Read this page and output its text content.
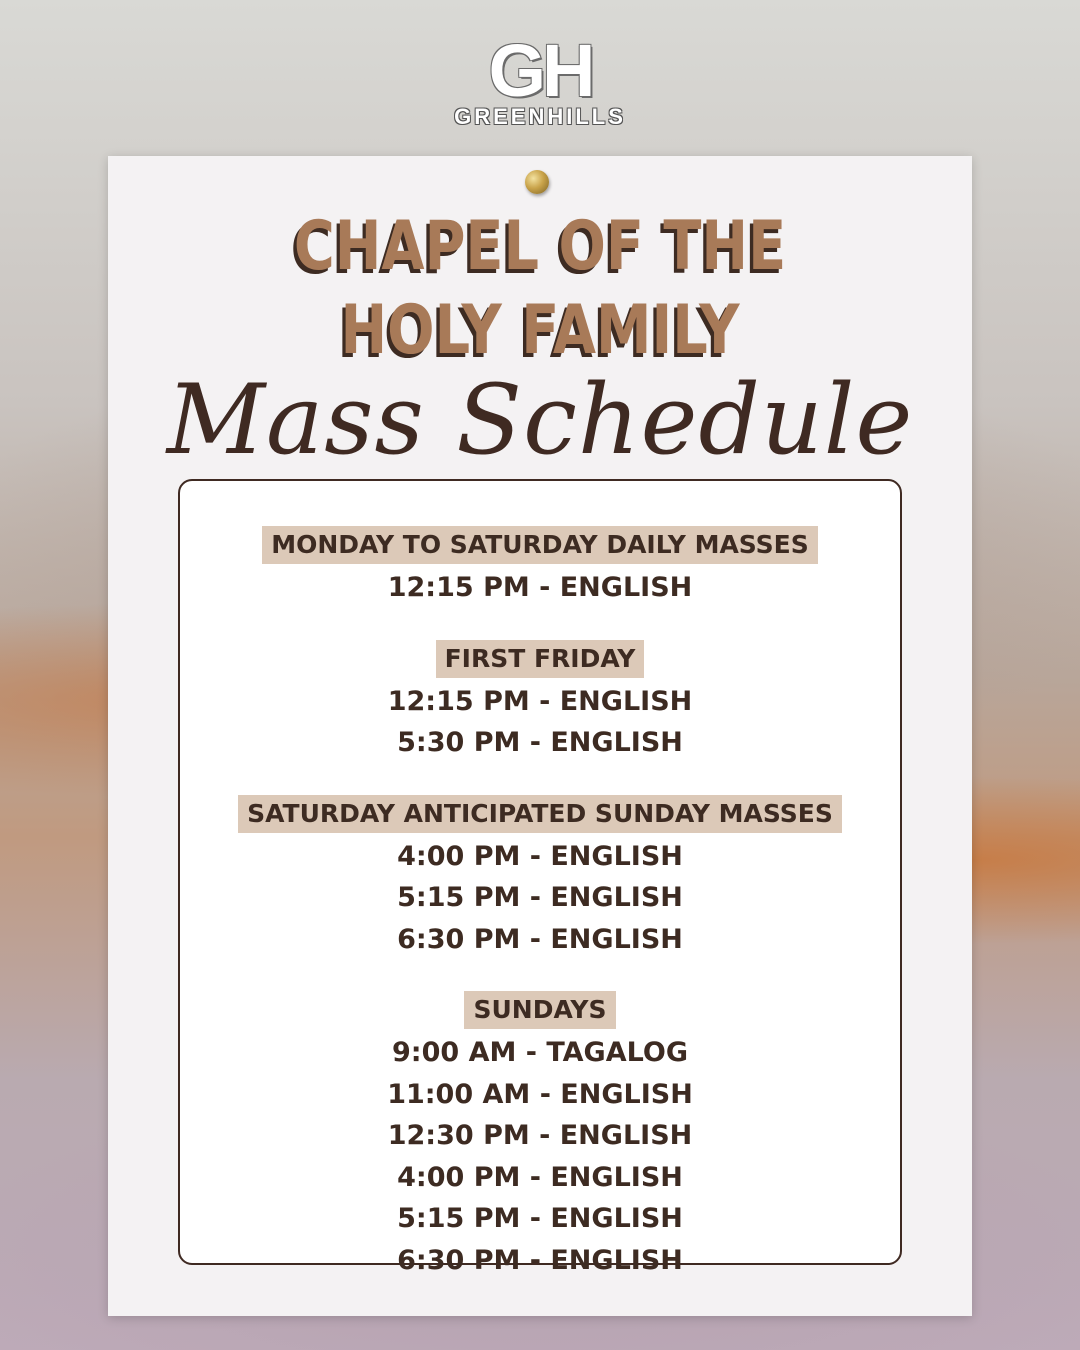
GH
GREENHILLS
CHAPEL OF THE
HOLY FAMILY
Mass Schedule
MONDAY TO SATURDAY DAILY MASSES
12:15 PM - ENGLISH
FIRST FRIDAY
12:15 PM - ENGLISH
5:30 PM - ENGLISH
SATURDAY ANTICIPATED SUNDAY MASSES
4:00 PM - ENGLISH
5:15 PM - ENGLISH
6:30 PM - ENGLISH
SUNDAYS
9:00 AM - TAGALOG
11:00 AM - ENGLISH
12:30 PM - ENGLISH
4:00 PM - ENGLISH
5:15 PM - ENGLISH
6:30 PM - ENGLISH
